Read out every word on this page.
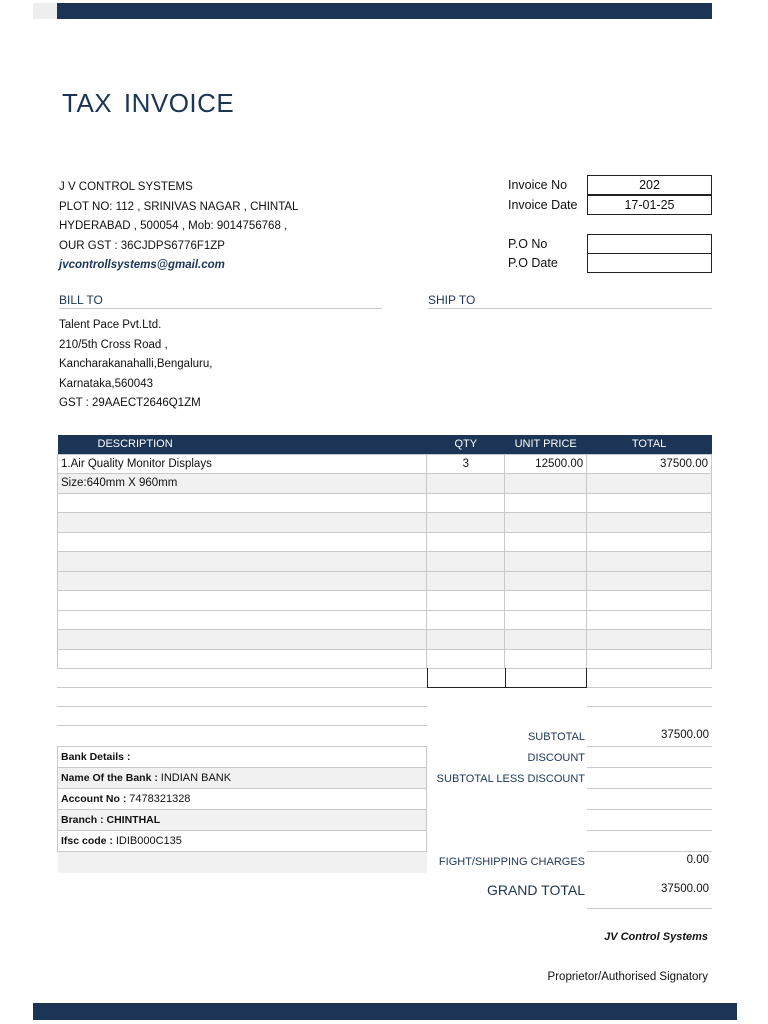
TAX INVOICE
J V CONTROL SYSTEMS
PLOT NO: 112 , SRINIVAS NAGAR , CHINTAL
HYDERABAD , 500054 , Mob: 9014756768 ,
OUR GST : 36CJDPS6776F1ZP
jvcontrollsystems@gmail.com
Invoice No	202
Invoice Date	17-01-25
P.O No
P.O Date
BILL TO	SHIP TO
Talent Pace Pvt.Ltd.
210/5th Cross Road ,
Kancharakanahalli,Bengaluru,
Karnataka,560043
GST : 29AAECT2646Q1ZM
DESCRIPTION	QTY	UNIT PRICE	TOTAL
1.Air Quality Monitor Displays	3	12500.00	37500.00
Size:640mm X 960mm			

Bank Details :
Name Of the Bank : INDIAN BANK
Account No : 7478321328
Branch : CHINTHAL
Ifsc code : IDIB000C135

SUBTOTAL	37500.00
DISCOUNT
SUBTOTAL LESS DISCOUNT
FIGHT/SHIPPING CHARGES	0.00
GRAND TOTAL	37500.00
JV Control Systems
Proprietor/Authorised Signatory
